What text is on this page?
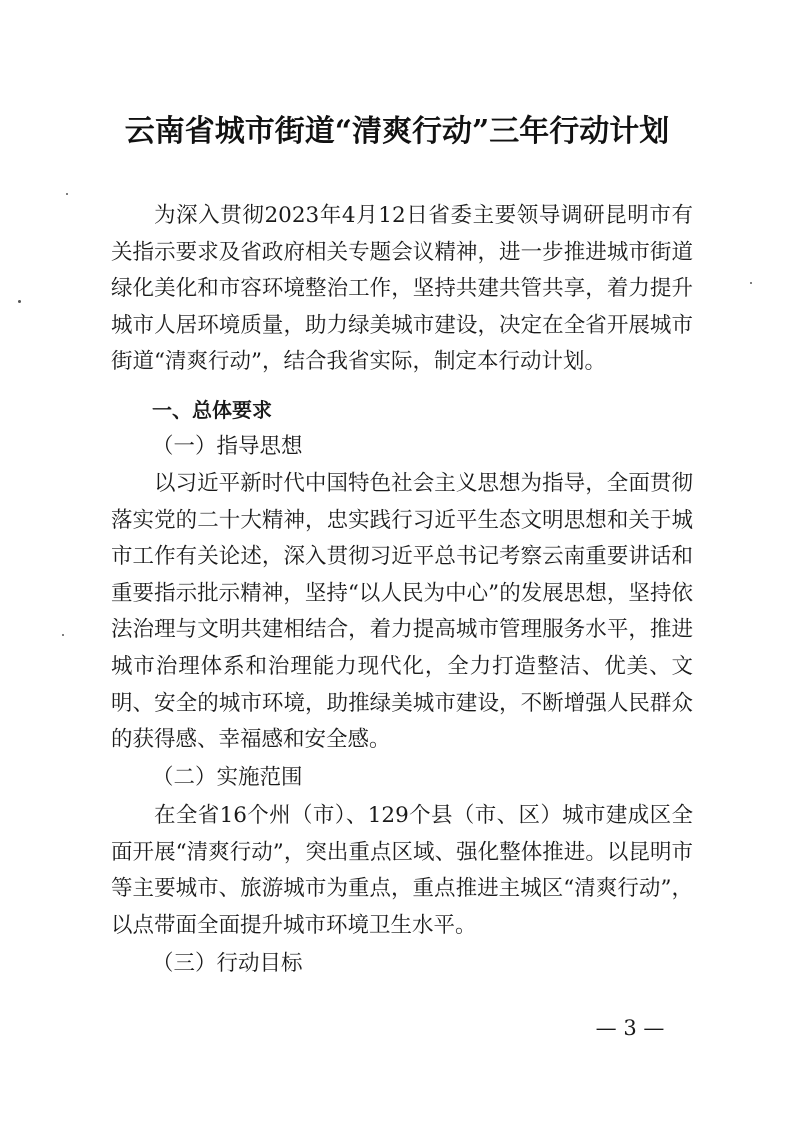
云南省城市街道“清爽行动”三年行动计划

为深入贯彻2023年4月12日省委主要领导调研昆明市有关指示要求及省政府相关专题会议精神，进一步推进城市街道绿化美化和市容环境整治工作，坚持共建共管共享，着力提升城市人居环境质量，助力绿美城市建设，决定在全省开展城市街道“清爽行动”，结合我省实际，制定本行动计划。

一、总体要求
（一）指导思想

以习近平新时代中国特色社会主义思想为指导，全面贯彻落实党的二十大精神，忠实践行习近平生态文明思想和关于城市工作有关论述，深入贯彻习近平总书记考察云南重要讲话和重要指示批示精神，坚持“以人民为中心”的发展思想，坚持依法治理与文明共建相结合，着力提高城市管理服务水平，推进城市治理体系和治理能力现代化，全力打造整洁、优美、文明、安全的城市环境，助推绿美城市建设，不断增强人民群众的获得感、幸福感和安全感。

（二）实施范围

在全省16个州（市）、129个县（市、区）城市建成区全面开展“清爽行动”，突出重点区域、强化整体推进。以昆明市等主要城市、旅游城市为重点，重点推进主城区“清爽行动”，以点带面全面提升城市环境卫生水平。

（三）行动目标
— 3 —
